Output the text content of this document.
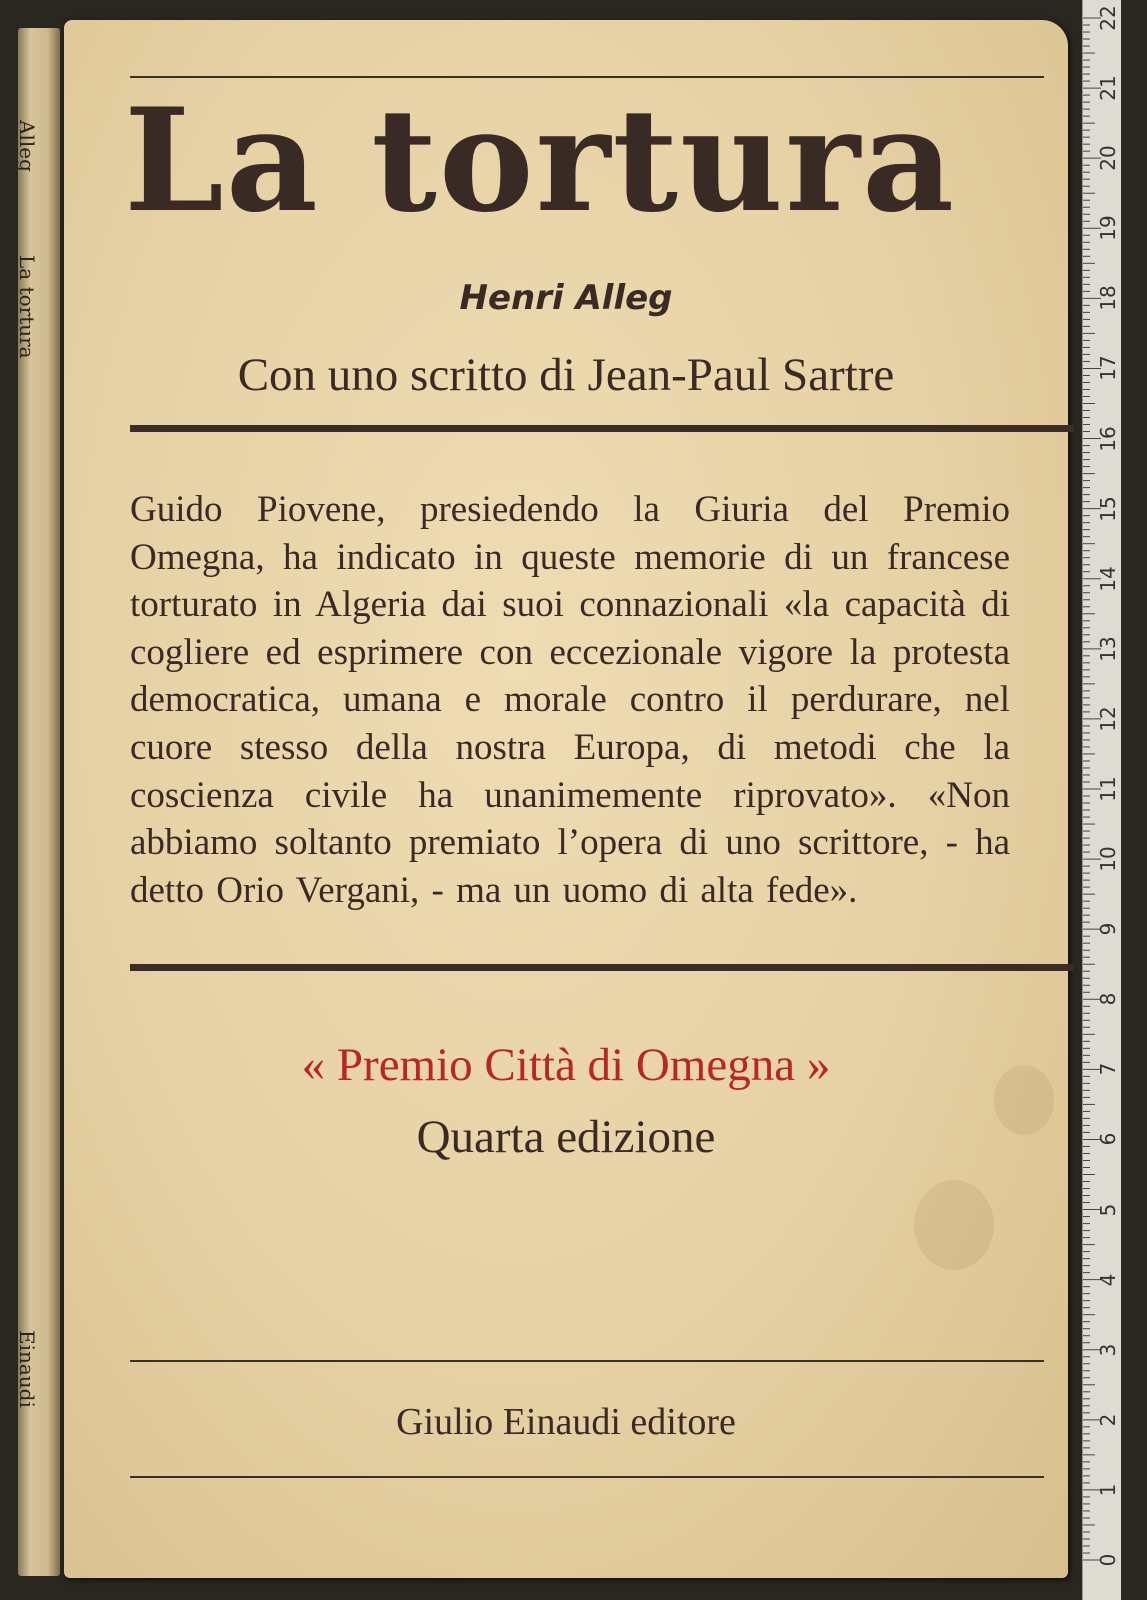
Alleg
La tortura
Einaudi
La tortura
Henri Alleg
Con uno scritto di Jean-Paul Sartre
Guido Piovene, presiedendo la Giuria del Premio Omegna, ha indicato in queste memorie di un francese torturato in Algeria dai suoi connazionali «la capacità di cogliere ed esprimere con eccezionale vigore la protesta democratica, umana e morale contro il perdurare, nel cuore stesso della nostra Europa, di metodi che la coscienza civile ha unanimemente riprovato». «Non abbiamo soltanto premiato l’opera di uno scrittore, - ha detto Orio Vergani, - ma un uomo di alta fede».
« Premio Città di Omegna »
Quarta edizione
Giulio Einaudi editore
22
21
20
19
18
17
16
15
14
13
12
11
10
9
8
7
6
5
4
3
2
1
0
